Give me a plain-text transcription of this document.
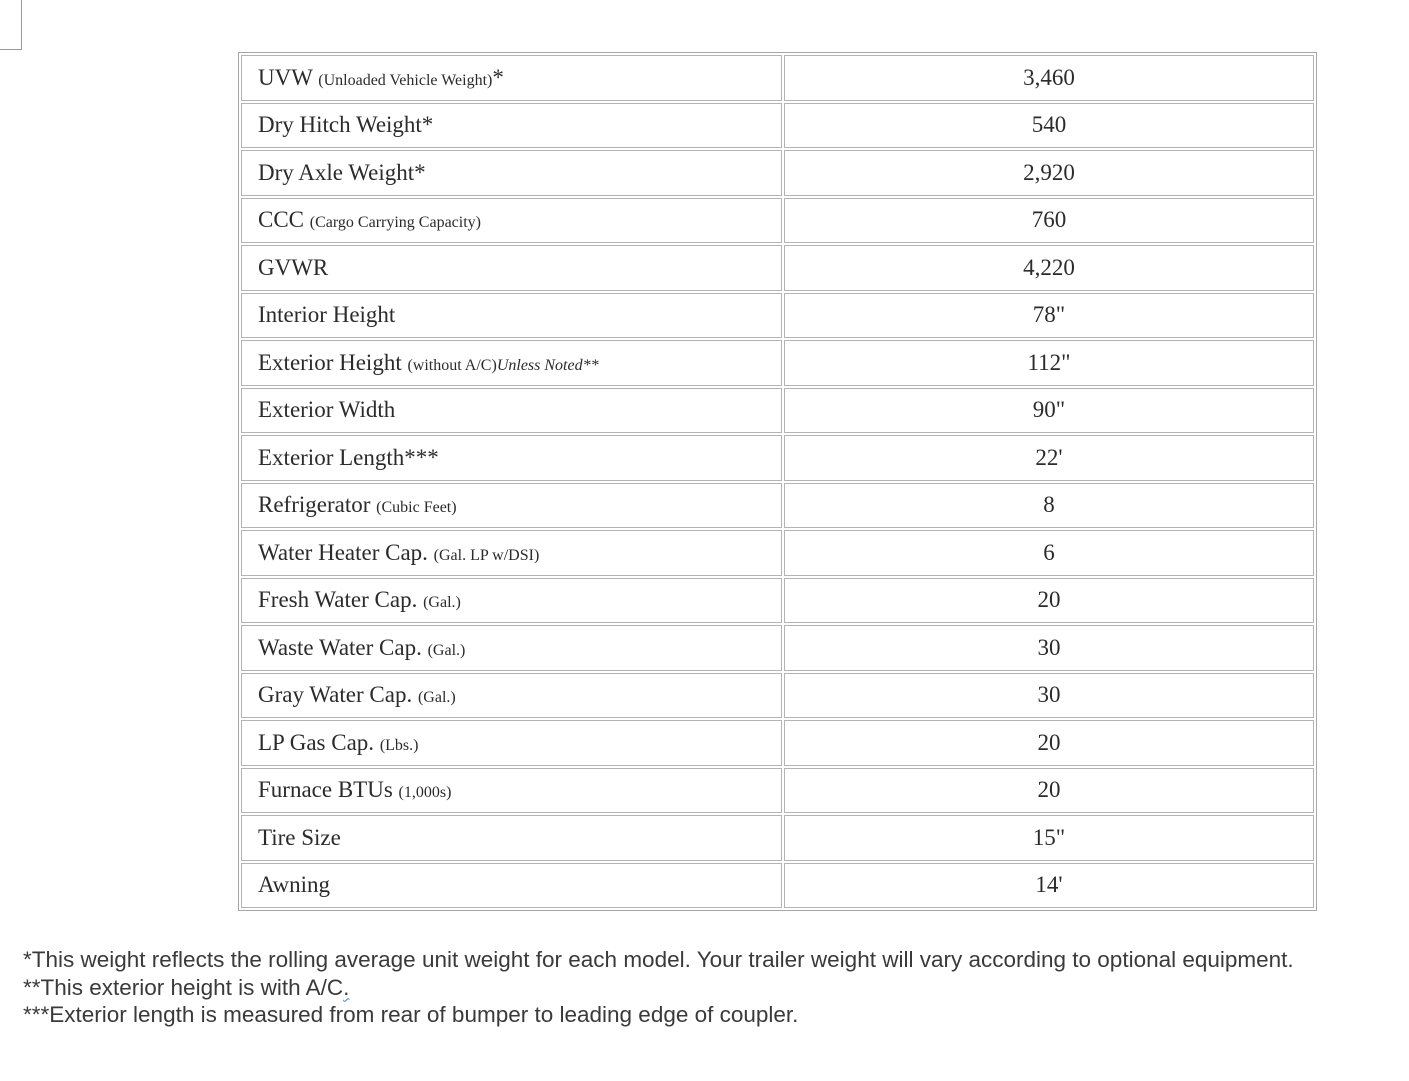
UVW (Unloaded Vehicle Weight)*	3,460
Dry Hitch Weight*	540
Dry Axle Weight*	2,920
CCC (Cargo Carrying Capacity)	760
GVWR	4,220
Interior Height	78"
Exterior Height (without A/C)Unless Noted**	112"
Exterior Width	90"
Exterior Length***	22'
Refrigerator (Cubic Feet)	8
Water Heater Cap. (Gal. LP w/DSI)	6
Fresh Water Cap. (Gal.)	20
Waste Water Cap. (Gal.)	30
Gray Water Cap. (Gal.)	30
LP Gas Cap. (Lbs.)	20
Furnace BTUs (1,000s)	20
Tire Size	15"
Awning	14'
*This weight reflects the rolling average unit weight for each model. Your trailer weight will vary according to optional equipment.
**This exterior height is with A/C.
***Exterior length is measured from rear of bumper to leading edge of coupler.
